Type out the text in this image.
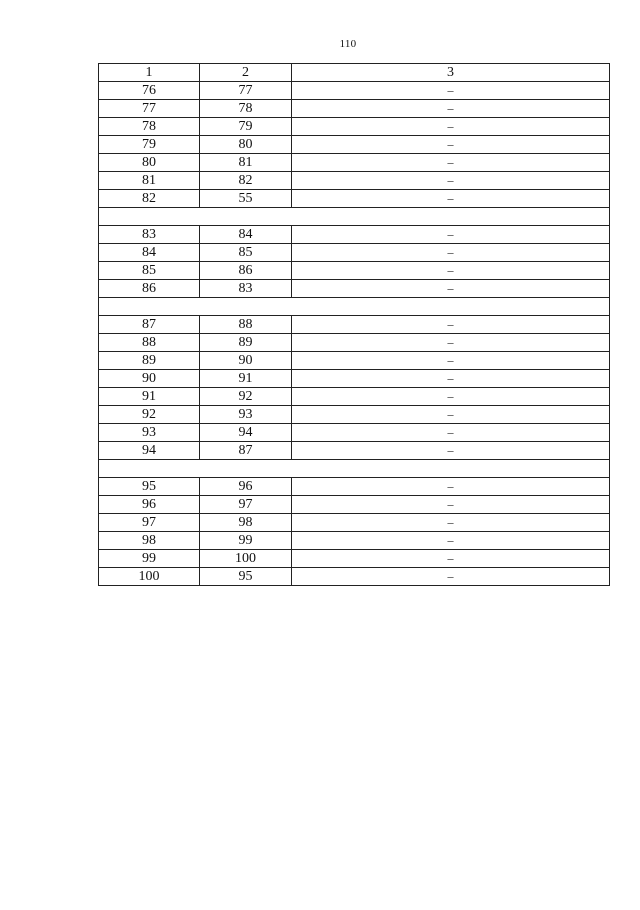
110
1	2	3
76	77	–
77	78	–
78	79	–
79	80	–
80	81	–
81	82	–
82	55	–

83	84	–
84	85	–
85	86	–
86	83	–

87	88	–
88	89	–
89	90	–
90	91	–
91	92	–
92	93	–
93	94	–
94	87	–

95	96	–
96	97	–
97	98	–
98	99	–
99	100	–
100	95	–
